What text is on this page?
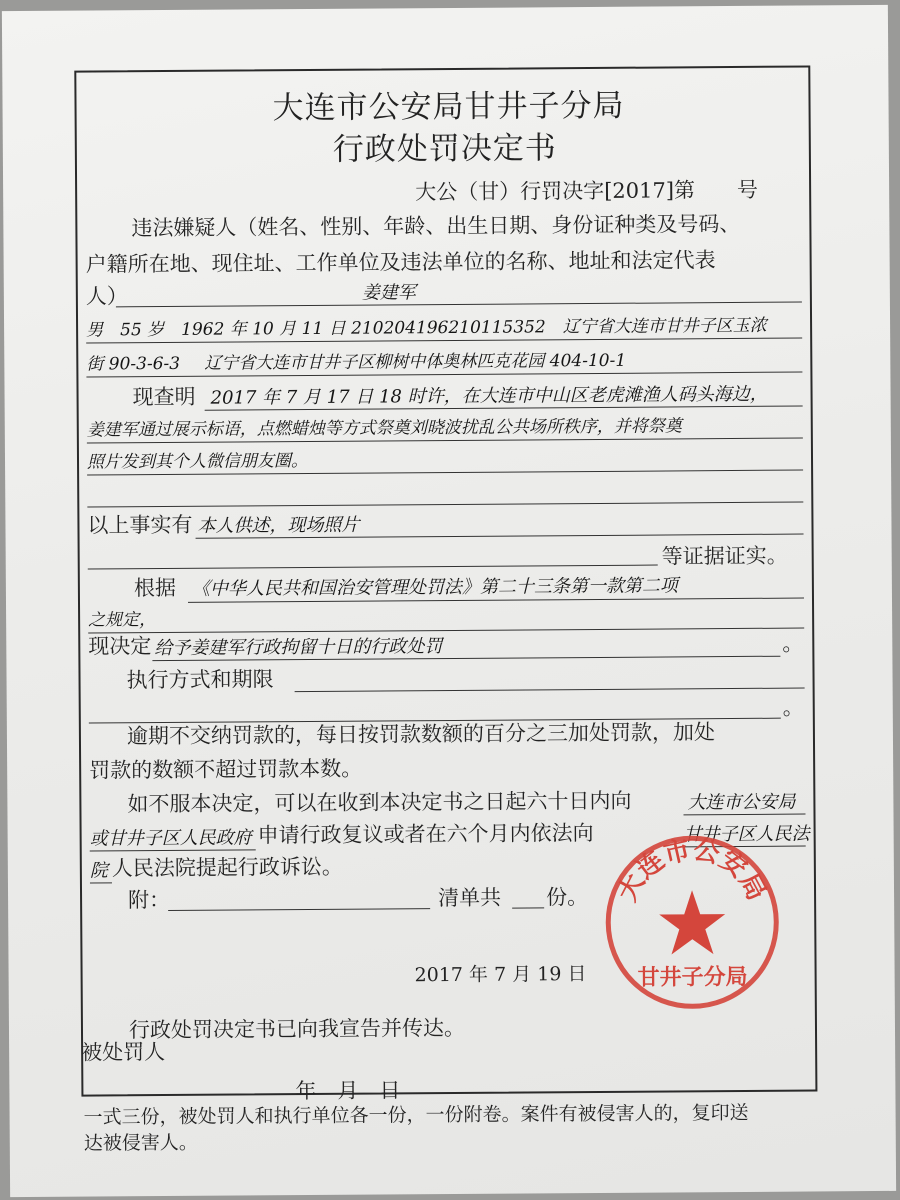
大连市公安局甘井子分局
行政处罚决定书
大公（甘）行罚决字[2017]第　　号
违法嫌疑人（姓名、性别、年龄、出生日期、身份证种类及号码、
户籍所在地、现住址、工作单位及违法单位的名称、地址和法定代表
人）	姜建军
男　55 岁　1962 年 10 月 11 日 210204196210115352　辽宁省大连市甘井子区玉浓
街 90-3-6-3 辽宁省大连市甘井子区柳树中体奥林匹克花园 404-10-1
现查明 2017 年 7 月 17 日 18 时许，在大连市中山区老虎滩渔人码头海边，
姜建军通过展示标语，点燃蜡烛等方式祭奠刘晓波扰乱公共场所秩序，并将祭奠
照片发到其个人微信朋友圈。
以上事实有 本人供述，现场照片
等证据证实。
根据 《中华人民共和国治安管理处罚法》第二十三条第一款第二项
之规定，
现决定 给予姜建军行政拘留十日的行政处罚	。
执行方式和期限
。
逾期不交纳罚款的，每日按罚款数额的百分之三加处罚款，加处
罚款的数额不超过罚款本数。
如不服本决定，可以在收到本决定书之日起六十日内向	大连市公安局
或甘井子区人民政府 申请行政复议或者在六个月内依法向	甘井子区人民法
院 人民法院提起行政诉讼。
附：	清单共 份。
2017 年 7 月 19 日
大连市公安局
甘井子分局
行政处罚决定书已向我宣告并传达。
被处罚人
年　月　日
一式三份，被处罚人和执行单位各一份，一份附卷。案件有被侵害人的，复印送
达被侵害人。
